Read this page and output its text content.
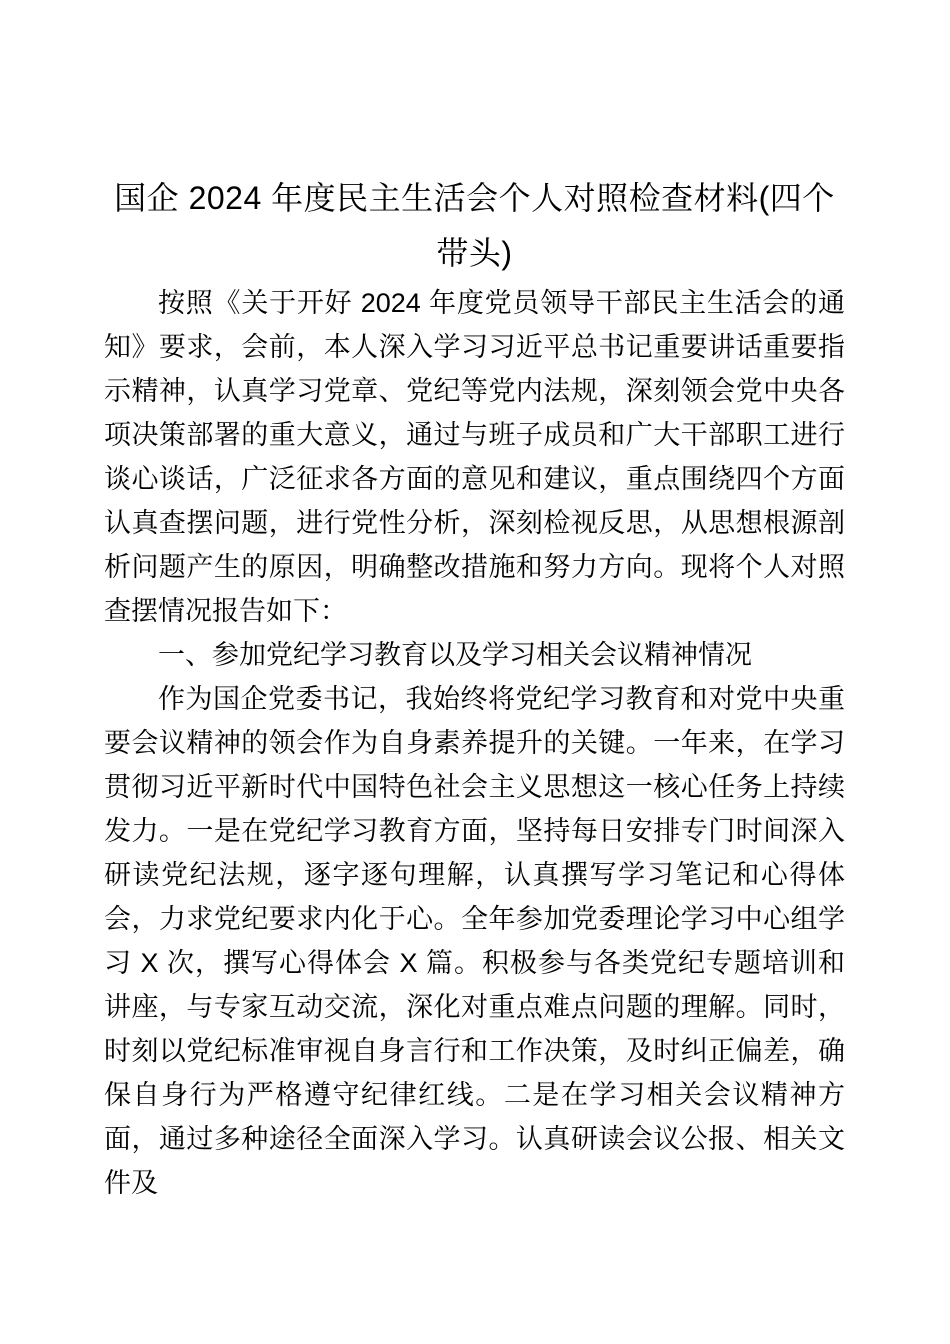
国企 2024 年度民主生活会个人对照检查材料(四个带头)

按照《关于开好 2024 年度党员领导干部民主生活会的通知》要求，会前，本人深入学习习近平总书记重要讲话重要指示精神，认真学习党章、党纪等党内法规，深刻领会党中央各项决策部署的重大意义，通过与班子成员和广大干部职工进行谈心谈话，广泛征求各方面的意见和建议，重点围绕四个方面认真查摆问题，进行党性分析，深刻检视反思，从思想根源剖析问题产生的原因，明确整改措施和努力方向。现将个人对照查摆情况报告如下：

一、参加党纪学习教育以及学习相关会议精神情况

作为国企党委书记，我始终将党纪学习教育和对党中央重要会议精神的领会作为自身素养提升的关键。一年来，在学习贯彻习近平新时代中国特色社会主义思想这一核心任务上持续发力。一是在党纪学习教育方面，坚持每日安排专门时间深入研读党纪法规，逐字逐句理解，认真撰写学习笔记和心得体会，力求党纪要求内化于心。全年参加党委理论学习中心组学习 X 次，撰写心得体会 X 篇。积极参与各类党纪专题培训和讲座，与专家互动交流，深化对重点难点问题的理解。同时，时刻以党纪标准审视自身言行和工作决策，及时纠正偏差，确保自身行为严格遵守纪律红线。二是在学习相关会议精神方面，通过多种途径全面深入学习。认真研读会议公报、相关文件及
